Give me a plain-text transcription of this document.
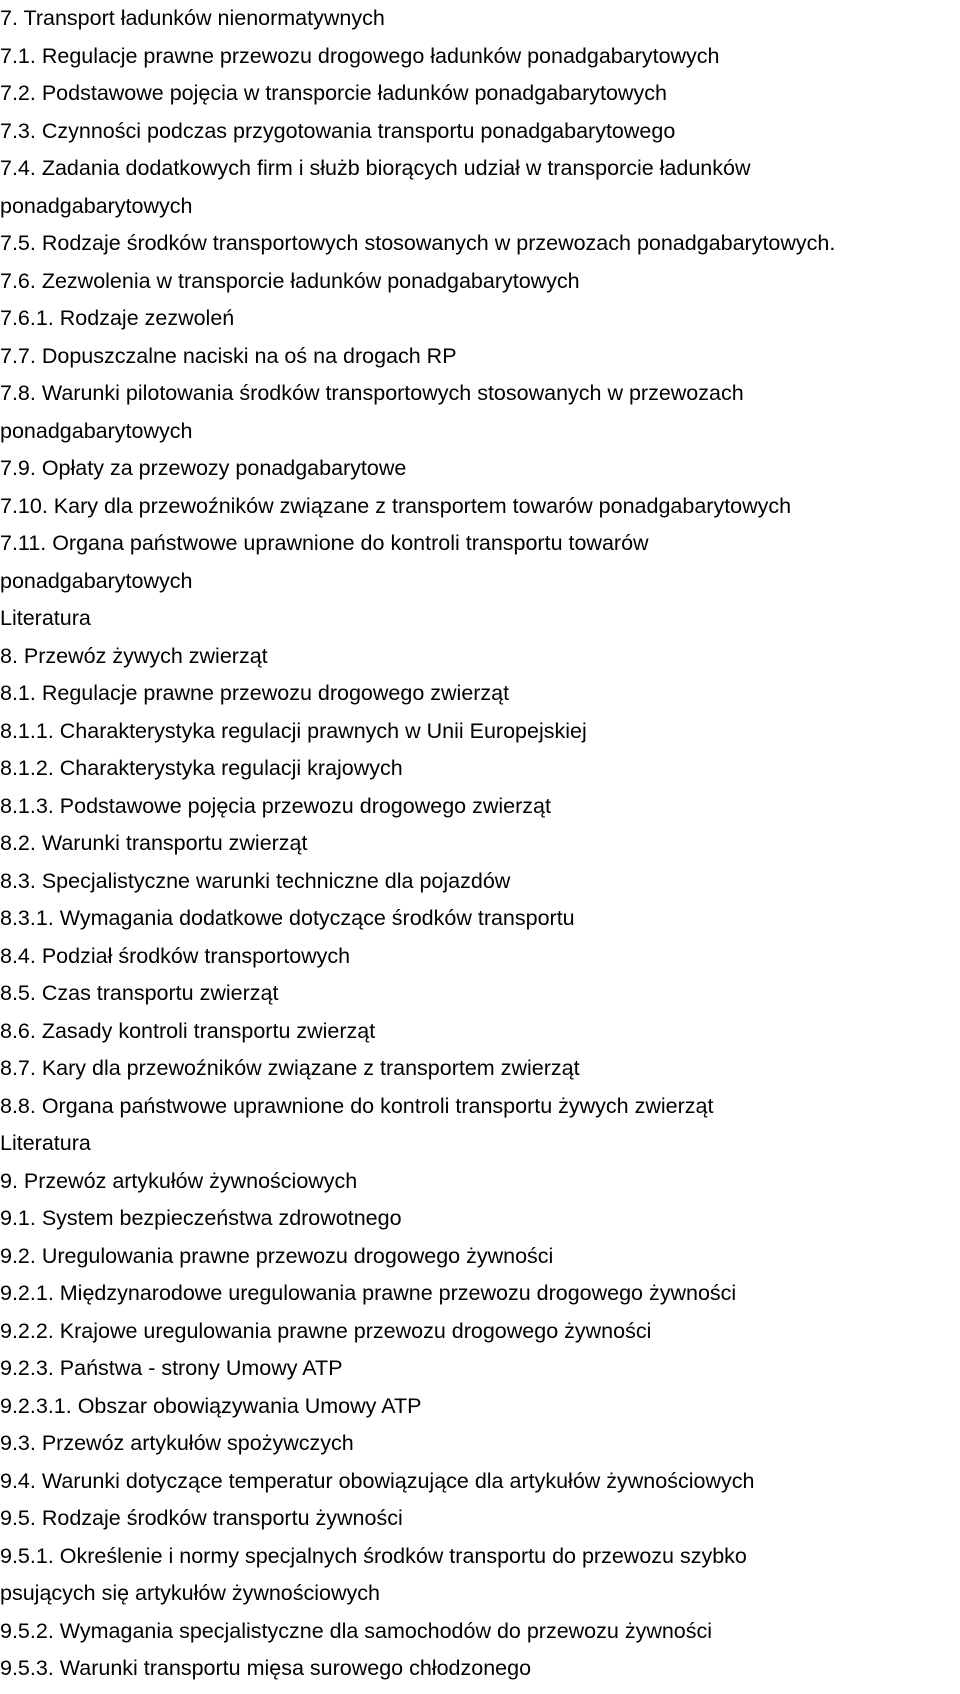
7. Transport ładunków nienormatywnych
7.1. Regulacje prawne przewozu drogowego ładunków ponadgabarytowych
7.2. Podstawowe pojęcia w transporcie ładunków ponadgabarytowych
7.3. Czynności podczas przygotowania transportu ponadgabarytowego
7.4. Zadania dodatkowych firm i służb biorących udział w transporcie ładunków
ponadgabarytowych
7.5. Rodzaje środków transportowych stosowanych w przewozach ponadgabarytowych.
7.6. Zezwolenia w transporcie ładunków ponadgabarytowych
7.6.1. Rodzaje zezwoleń
7.7. Dopuszczalne naciski na oś na drogach RP
7.8. Warunki pilotowania środków transportowych stosowanych w przewozach
ponadgabarytowych
7.9. Opłaty za przewozy ponadgabarytowe
7.10. Kary dla przewoźników związane z transportem towarów ponadgabarytowych
7.11. Organa państwowe uprawnione do kontroli transportu towarów
ponadgabarytowych
Literatura
8. Przewóz żywych zwierząt
8.1. Regulacje prawne przewozu drogowego zwierząt
8.1.1. Charakterystyka regulacji prawnych w Unii Europejskiej
8.1.2. Charakterystyka regulacji krajowych
8.1.3. Podstawowe pojęcia przewozu drogowego zwierząt
8.2. Warunki transportu zwierząt
8.3. Specjalistyczne warunki techniczne dla pojazdów
8.3.1. Wymagania dodatkowe dotyczące środków transportu
8.4. Podział środków transportowych
8.5. Czas transportu zwierząt
8.6. Zasady kontroli transportu zwierząt
8.7. Kary dla przewoźników związane z transportem zwierząt
8.8. Organa państwowe uprawnione do kontroli transportu żywych zwierząt
Literatura
9. Przewóz artykułów żywnościowych
9.1. System bezpieczeństwa zdrowotnego
9.2. Uregulowania prawne przewozu drogowego żywności
9.2.1. Międzynarodowe uregulowania prawne przewozu drogowego żywności
9.2.2. Krajowe uregulowania prawne przewozu drogowego żywności
9.2.3. Państwa - strony Umowy ATP
9.2.3.1. Obszar obowiązywania Umowy ATP
9.3. Przewóz artykułów spożywczych
9.4. Warunki dotyczące temperatur obowiązujące dla artykułów żywnościowych
9.5. Rodzaje środków transportu żywności
9.5.1. Określenie i normy specjalnych środków transportu do przewozu szybko
psujących się artykułów żywnościowych
9.5.2. Wymagania specjalistyczne dla samochodów do przewozu żywności
9.5.3. Warunki transportu mięsa surowego chłodzonego
